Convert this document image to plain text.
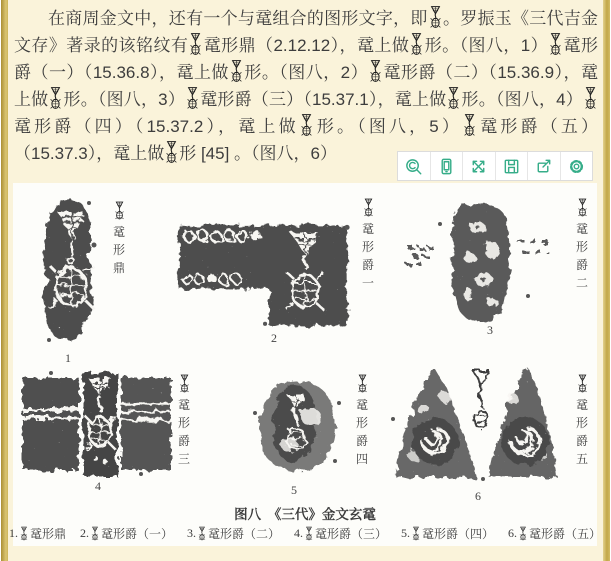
在商周金文中，还有一个与鼋组合的图形文字，即 。罗振玉《三代吉金文存》著录的该铭纹有 鼋形鼎（2.12.12），鼋上做 形。（图八，1） 鼋形爵（一）（15.36.8），鼋上做 形。（图八，2） 鼋形爵（二）（15.36.9），鼋上做 形。（图八，3） 鼋形爵（三）（15.37.1），鼋上做 形。（图八，4）鼋形爵（四）（15.37.2），鼋上做 形。（图八，5） 鼋形爵（五）（15.37.3），鼋上做 形 [45] 。（图八，6）
鼋
形
鼎
1
鼋
形
爵
一
2
鼋
形
爵
二
3
鼋
形
爵
三
4
鼋
形
爵
四
5
鼋
形
爵
五
6
图八　《三代》金文玄鼋
1. 鼋形鼎 2. 鼋形爵（一） 3. 鼋形爵（二） 4. 鼋形爵（三） 5. 鼋形爵（四） 6. 鼋形爵（五）
